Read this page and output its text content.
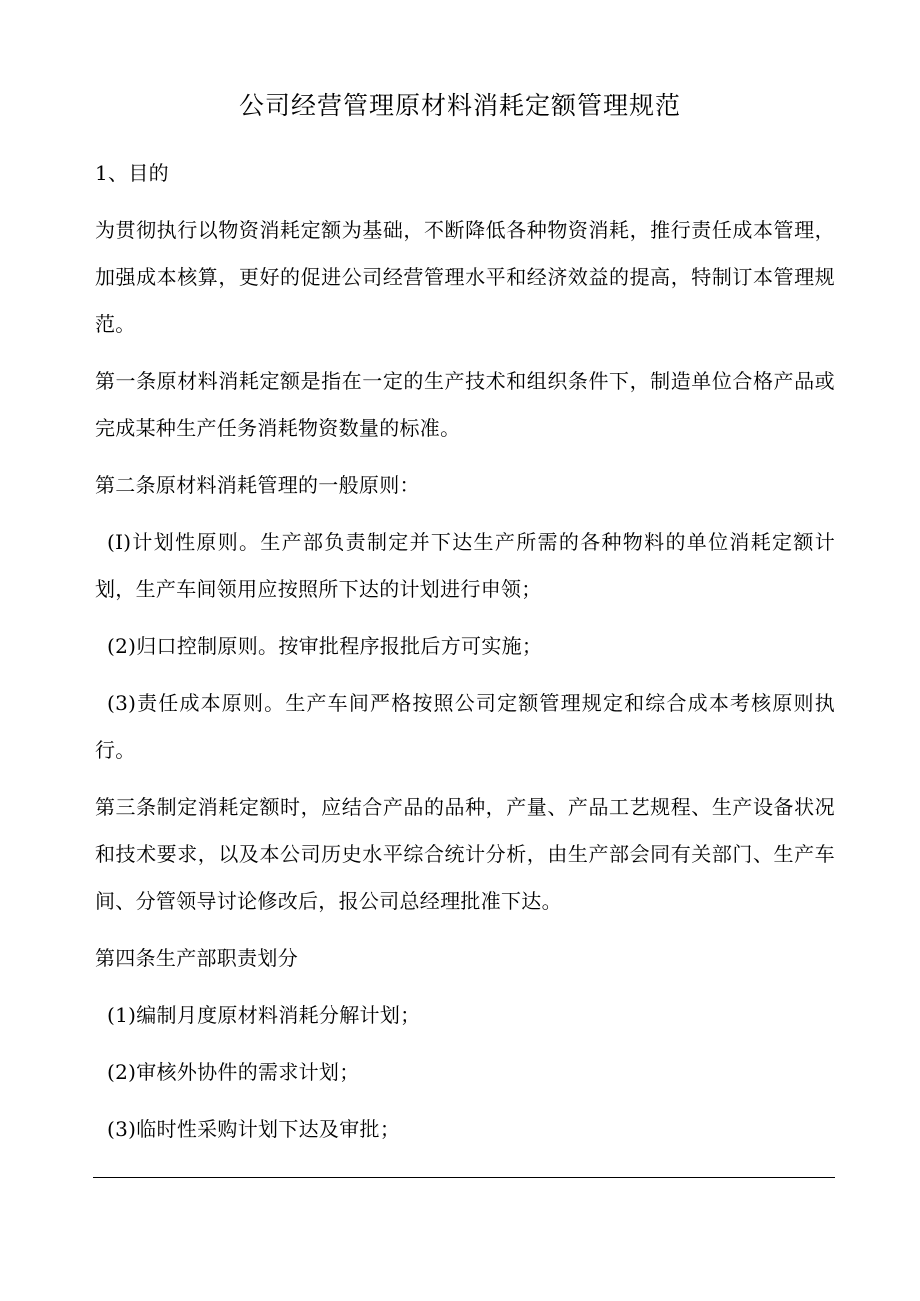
公司经营管理原材料消耗定额管理规范

1、目的

为贯彻执行以物资消耗定额为基础，不断降低各种物资消耗，推行责任成本管理，加强成本核算，更好的促进公司经营管理水平和经济效益的提高，特制订本管理规范。

第一条原材料消耗定额是指在一定的生产技术和组织条件下，制造单位合格产品或完成某种生产任务消耗物资数量的标准。

第二条原材料消耗管理的一般原则：

(I)计划性原则。生产部负责制定并下达生产所需的各种物料的单位消耗定额计划，生产车间领用应按照所下达的计划进行申领；

(2)归口控制原则。按审批程序报批后方可实施；

(3)责任成本原则。生产车间严格按照公司定额管理规定和综合成本考核原则执行。

第三条制定消耗定额时，应结合产品的品种，产量、产品工艺规程、生产设备状况和技术要求，以及本公司历史水平综合统计分析，由生产部会同有关部门、生产车间、分管领导讨论修改后，报公司总经理批准下达。

第四条生产部职责划分

(1)编制月度原材料消耗分解计划；

(2)审核外协件的需求计划；

(3)临时性采购计划下达及审批；
